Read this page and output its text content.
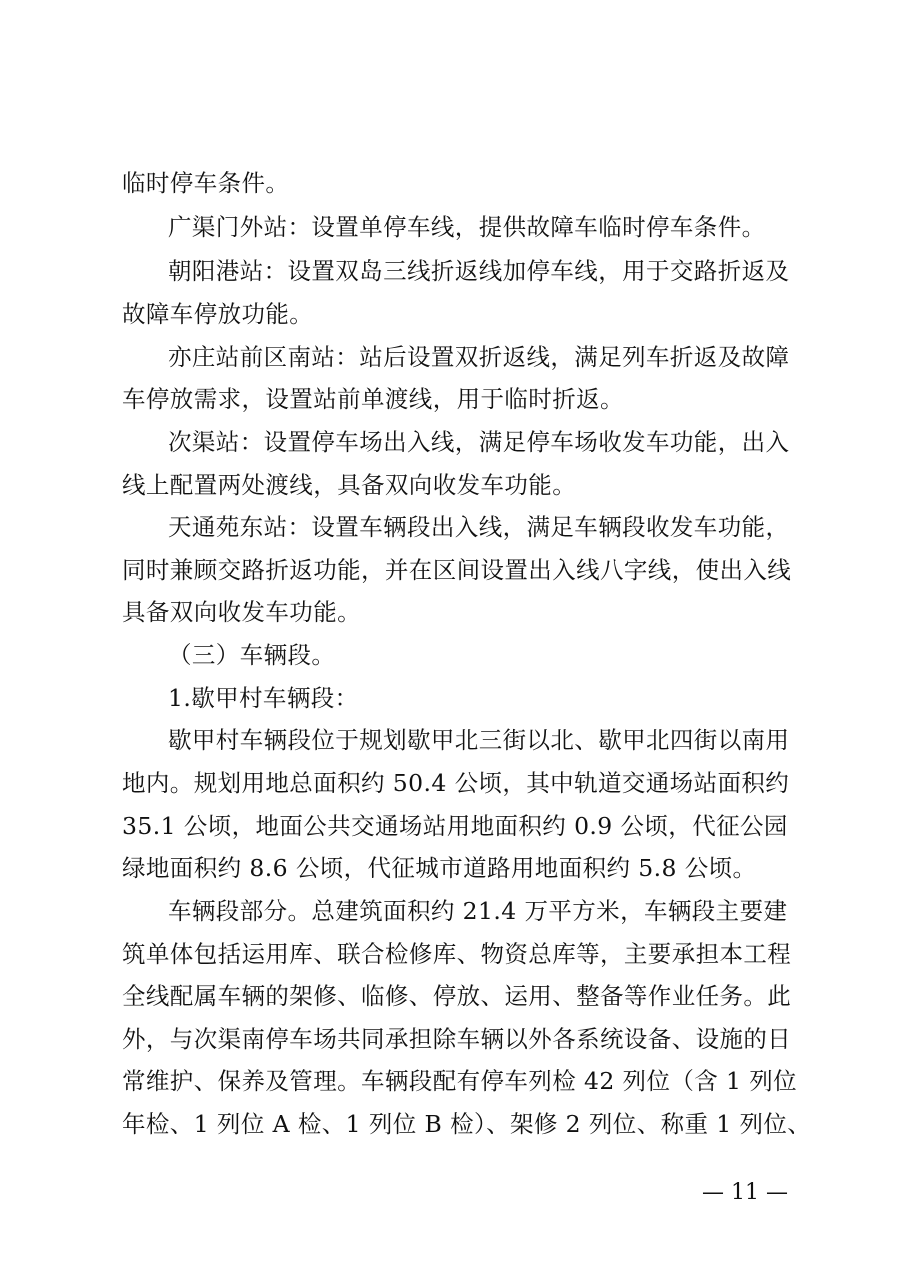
临时停车条件。
广渠门外站：设置单停车线，提供故障车临时停车条件。
朝阳港站：设置双岛三线折返线加停车线，用于交路折返及
故障车停放功能。
亦庄站前区南站：站后设置双折返线，满足列车折返及故障
车停放需求，设置站前单渡线，用于临时折返。
次渠站：设置停车场出入线，满足停车场收发车功能，出入
线上配置两处渡线，具备双向收发车功能。
天通苑东站：设置车辆段出入线，满足车辆段收发车功能，
同时兼顾交路折返功能，并在区间设置出入线八字线，使出入线
具备双向收发车功能。
（三）车辆段。
1.歇甲村车辆段：
歇甲村车辆段位于规划歇甲北三街以北、歇甲北四街以南用
地内。规划用地总面积约 50.4 公顷，其中轨道交通场站面积约
35.1 公顷，地面公共交通场站用地面积约 0.9 公顷，代征公园
绿地面积约 8.6 公顷，代征城市道路用地面积约 5.8 公顷。
车辆段部分。总建筑面积约 21.4 万平方米，车辆段主要建
筑单体包括运用库、联合检修库、物资总库等，主要承担本工程
全线配属车辆的架修、临修、停放、运用、整备等作业任务。此
外，与次渠南停车场共同承担除车辆以外各系统设备、设施的日
常维护、保养及管理。车辆段配有停车列检 42 列位（含 1 列位
年检、1 列位 A 检、1 列位 B 检）、架修 2 列位、称重 1 列位、
— 11 —
